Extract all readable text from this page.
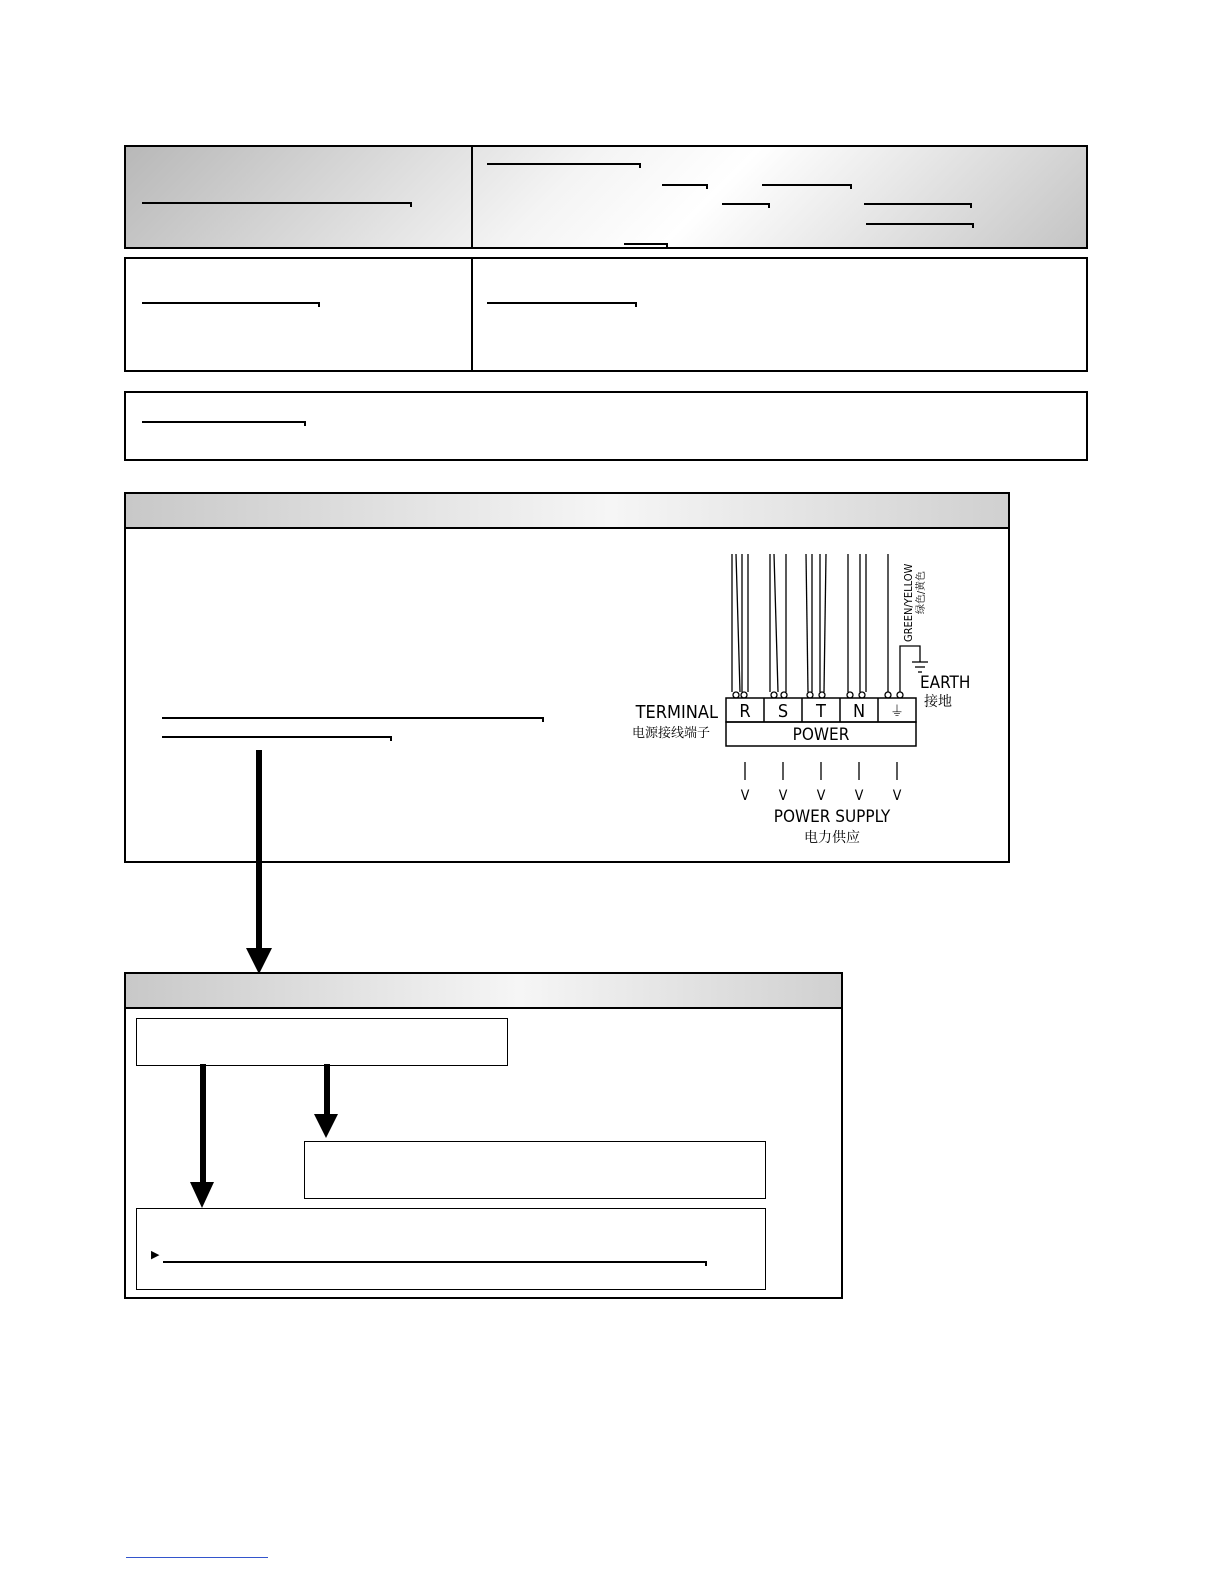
R S T N ⏚
POWER
TERMINAL
电源接线端子
EARTH
接地
GREEN/YELLOW 绿色/黄色
V V V V V
POWER SUPPLY
电力供应
▶
